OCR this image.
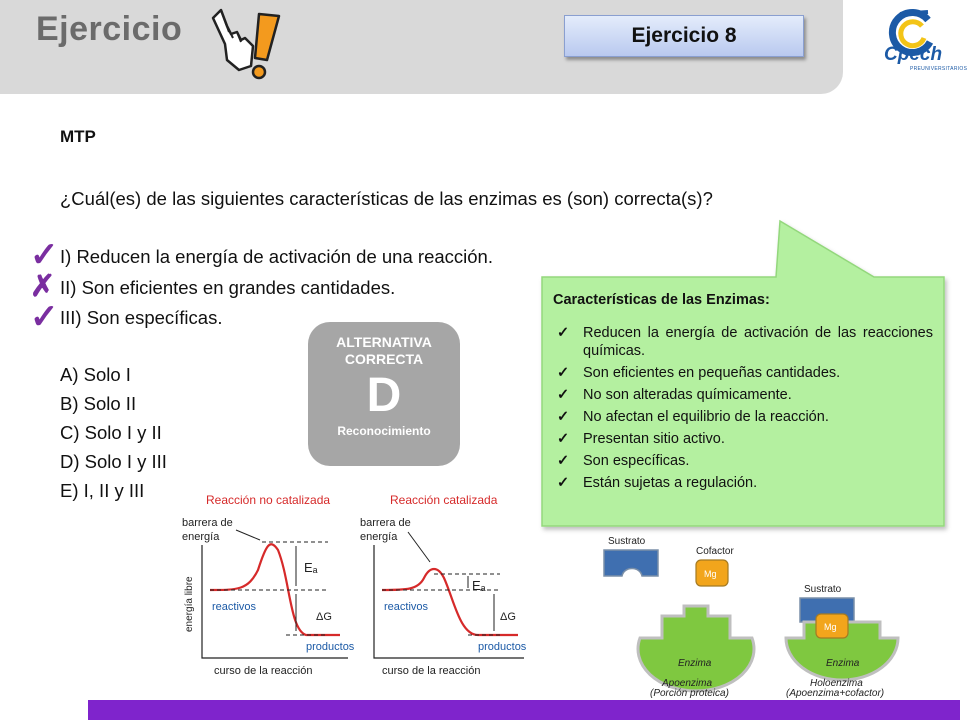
Ejercicio	Ejercicio 8
Cpech
PREUNIVERSITARIOS
MTP
¿Cuál(es) de las siguientes características de las enzimas es (son) correcta(s)?
✓ I) Reducen la energía de activación de una reacción.
✗ II) Son eficientes en grandes cantidades.
✓ III) Son específicas.
A) Solo I
B) Solo II
C) Solo I y II
D) Solo I y III
E) I, II y III
ALTERNATIVA
CORRECTA
D
Reconocimiento
Características de las Enzimas:
✓ Reducen la energía de activación de las reacciones químicas.
✓ Son eficientes en pequeñas cantidades.
✓ No son alteradas químicamente.
✓ No afectan el equilibrio de la reacción.
✓ Presentan sitio activo.
✓ Son específicas.
✓ Están sujetas a regulación.
Reacción no catalizada	Reacción catalizada
energía libre
curso de la reacción	curso de la reacción
barrera de
energía
barrera de
energía
Eₐ
Eₐ
ΔG	ΔG
reactivos	reactivos
productos	productos
Sustrato
Cofactor
Mg
Enzima
Apoenzima
(Porción proteica)
Sustrato
Mg
Enzima
Holoenzima
(Apoenzima+cofactor)
